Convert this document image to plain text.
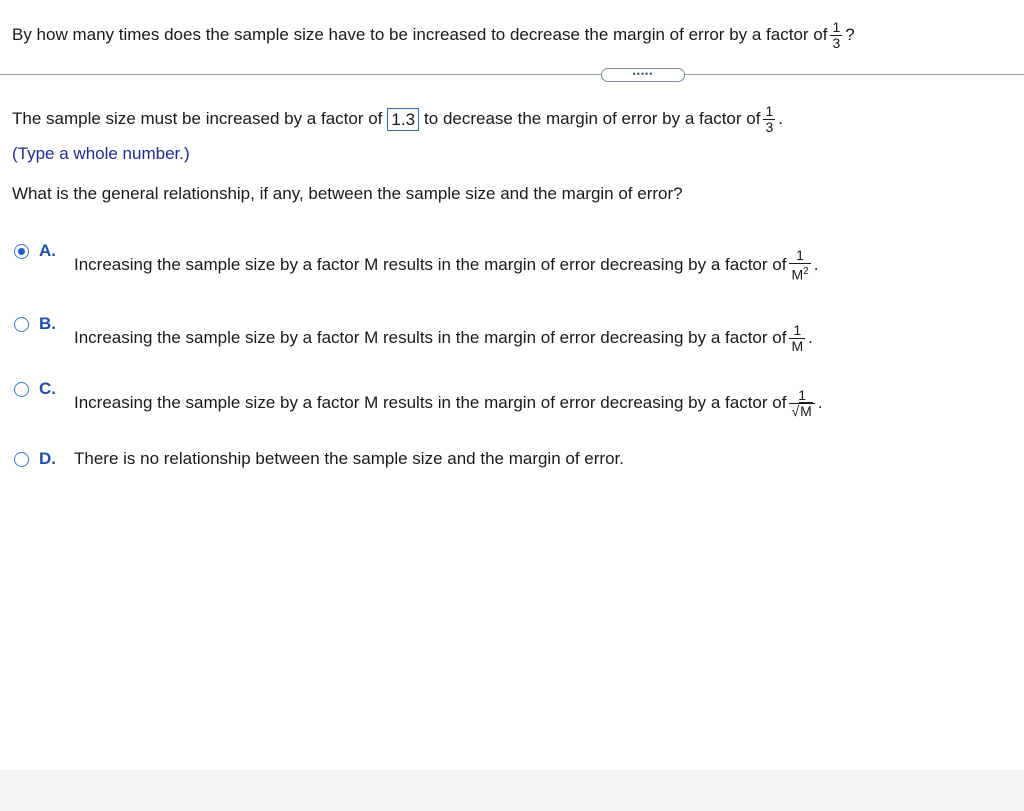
By how many times does the sample size have to be increased to decrease the margin of error by a factor of $\frac{1}{3}$ ?
•••••
The sample size must be increased by a factor of 1.3 to decrease the margin of error by a factor of $\frac{1}{3}$ .
(Type a whole number.)
What is the general relationship, if any, between the sample size and the margin of error?
A.
Increasing the sample size by a factor M results in the margin of error decreasing by a factor of $\frac{1}{M^2}$ .
B.
Increasing the sample size by a factor M results in the margin of error decreasing by a factor of $\frac{1}{M}$ .
C.
Increasing the sample size by a factor M results in the margin of error decreasing by a factor of $\frac{1}{√M}$ .
D. There is no relationship between the sample size and the margin of error.
